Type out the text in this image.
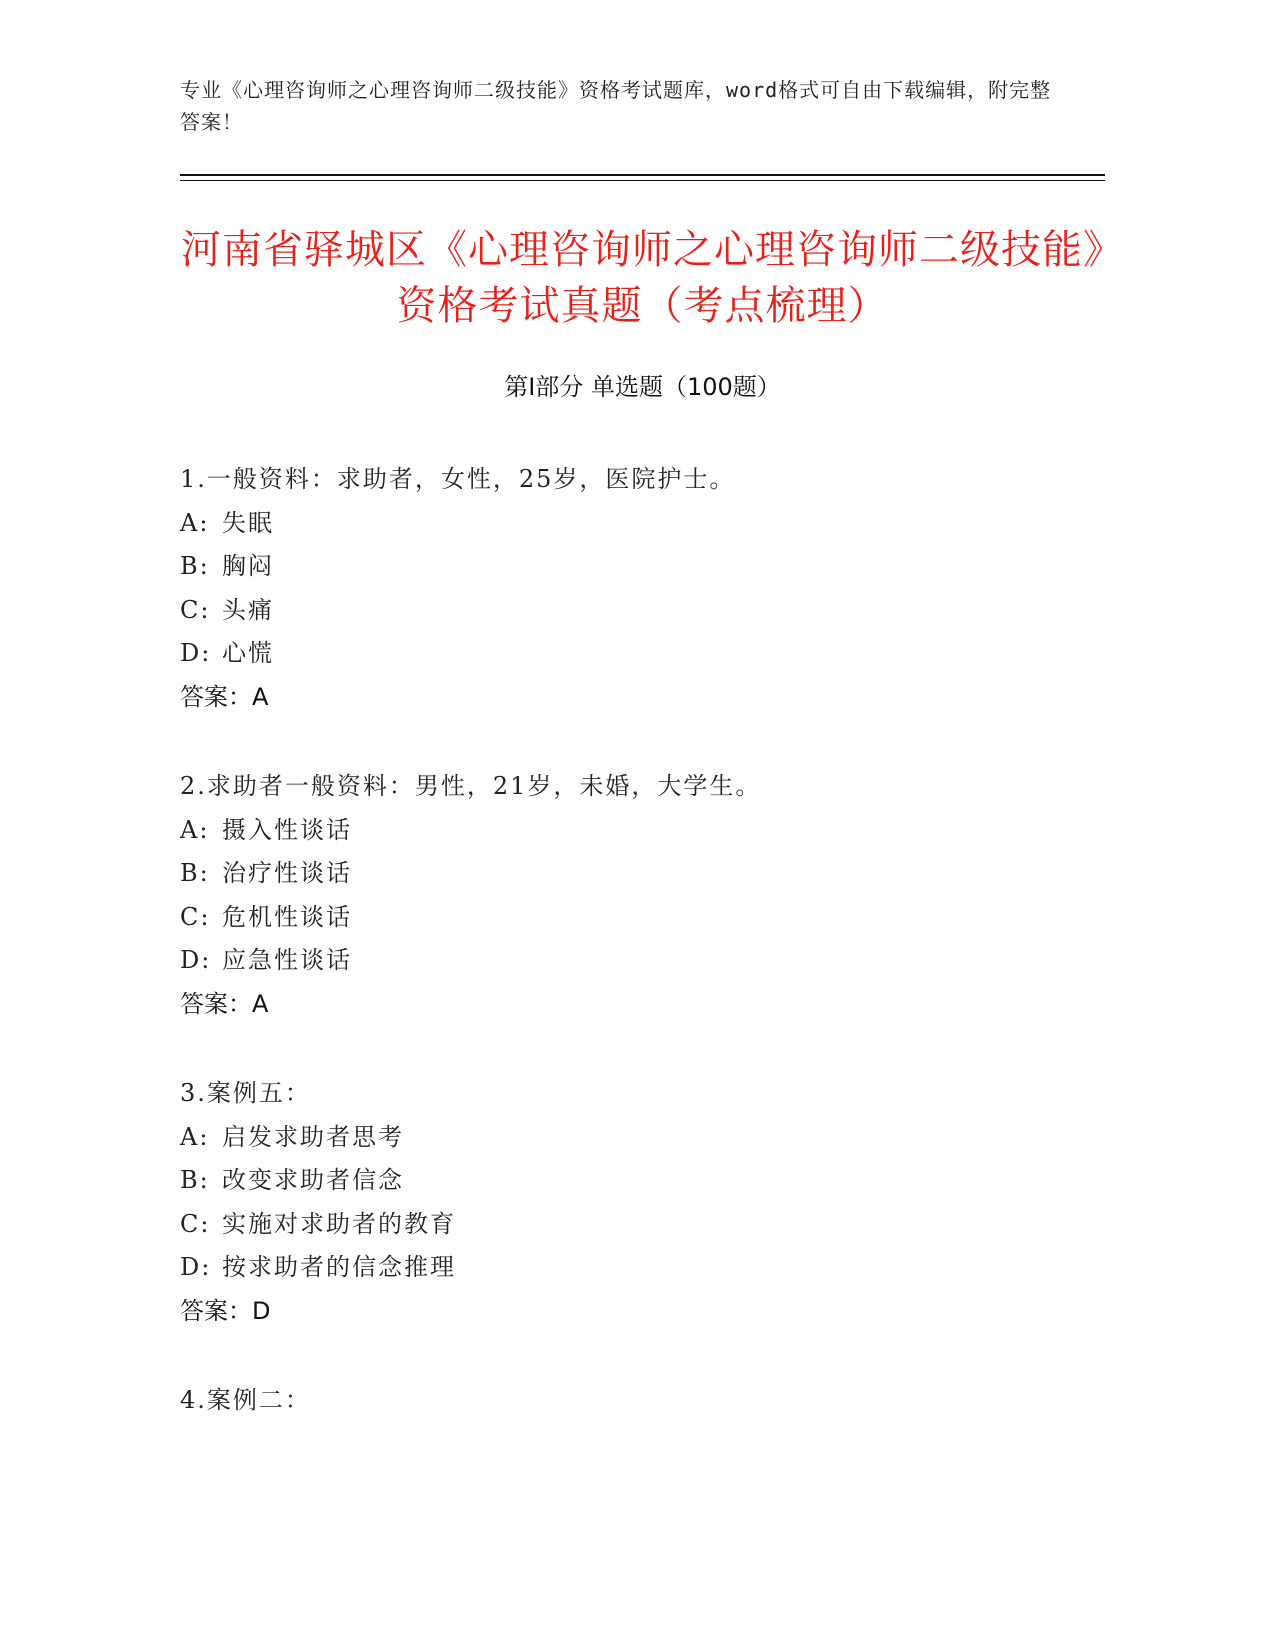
专业《心理咨询师之心理咨询师二级技能》资格考试题库，word格式可自由下载编辑，附完整答案！
河南省驿城区《心理咨询师之心理咨询师二级技能》资格考试真题（考点梳理）
第Ⅰ部分 单选题（100题）
1.一般资料：求助者，女性，25岁，医院护士。
A: 失眠
B: 胸闷
C: 头痛
D: 心慌
答案：A
2.求助者一般资料：男性，21岁，未婚，大学生。
A: 摄入性谈话
B: 治疗性谈话
C: 危机性谈话
D: 应急性谈话
答案：A
3.案例五：
A: 启发求助者思考
B: 改变求助者信念
C: 实施对求助者的教育
D: 按求助者的信念推理
答案：D
4.案例二：
